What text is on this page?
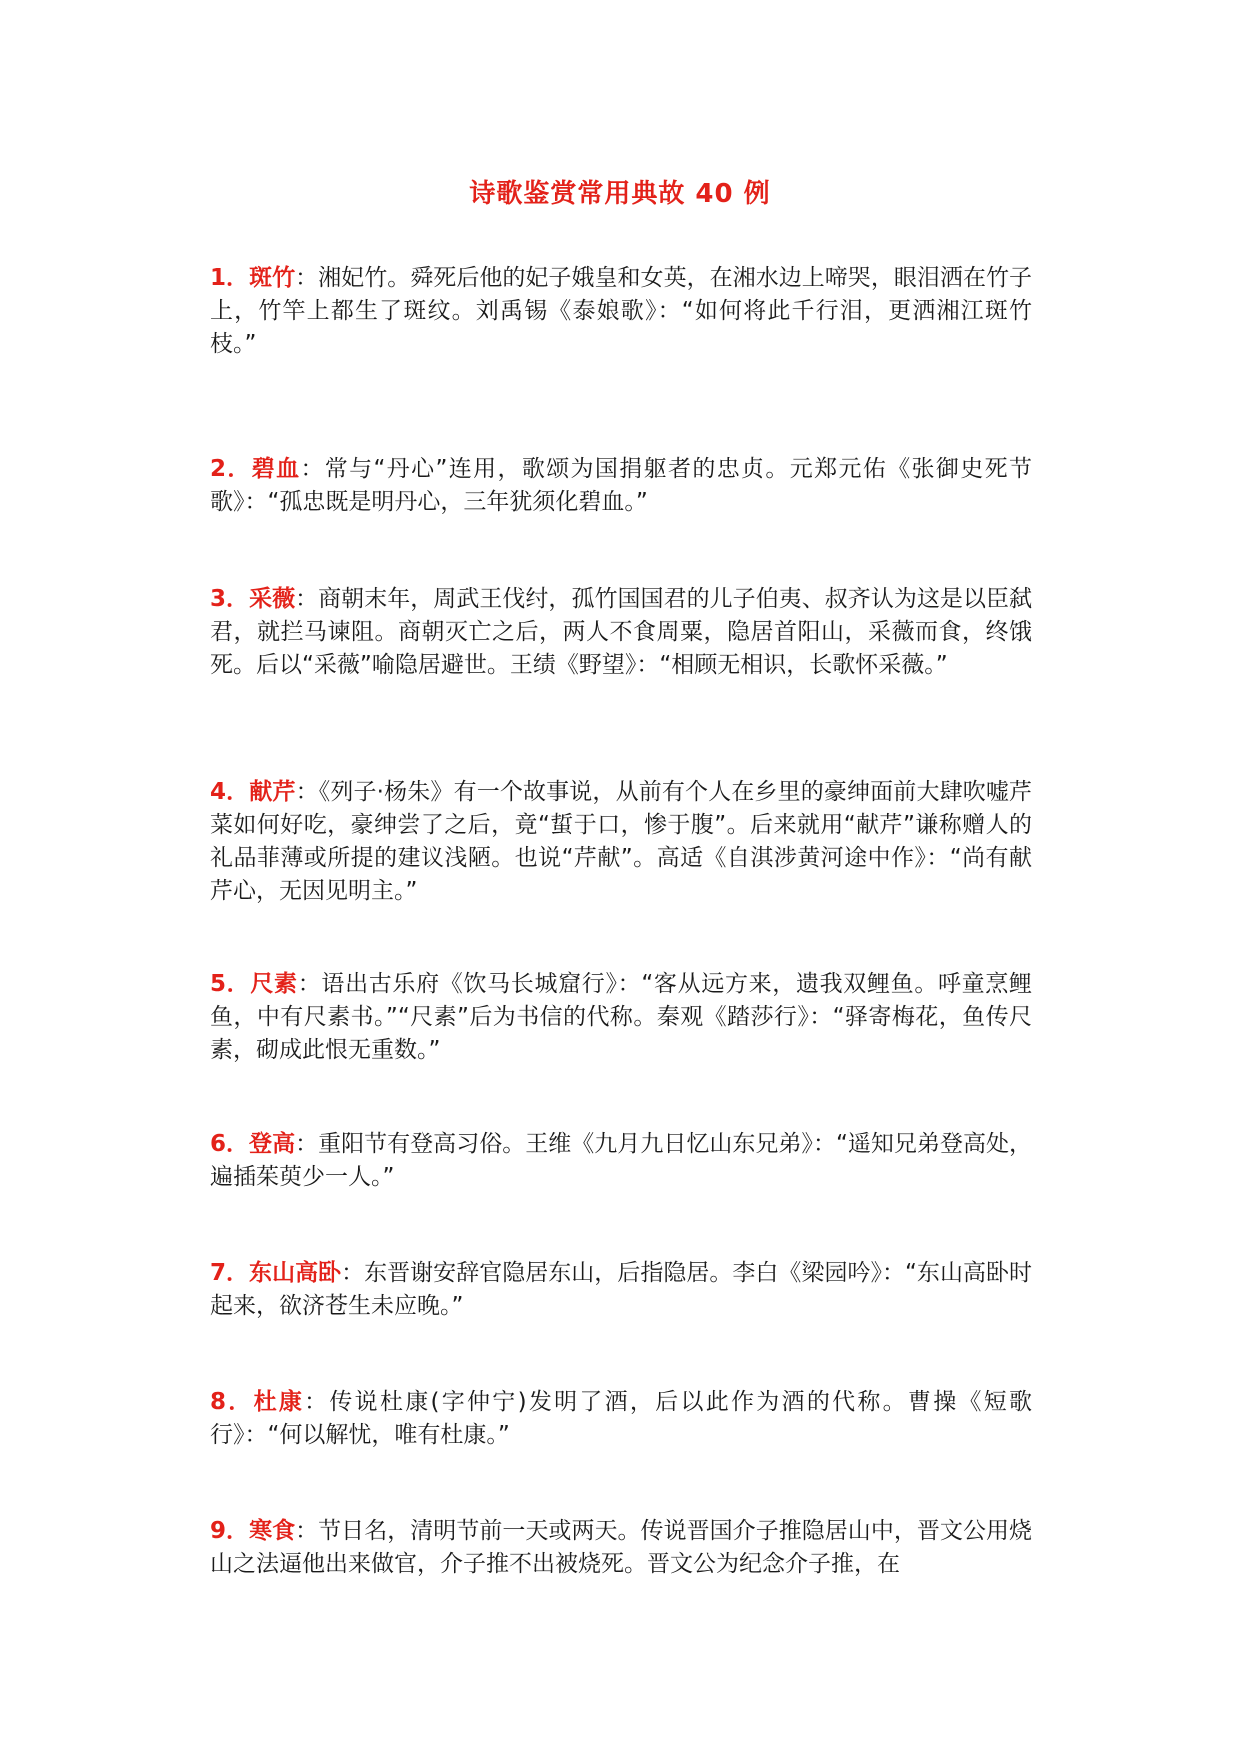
诗歌鉴赏常用典故 40 例

1．斑竹：湘妃竹。舜死后他的妃子娥皇和女英，在湘水边上啼哭，眼泪洒在竹子上，竹竿上都生了斑纹。刘禹锡《泰娘歌》：“如何将此千行泪，更洒湘江斑竹枝。”

2．碧血：常与“丹心”连用，歌颂为国捐躯者的忠贞。元郑元佑《张御史死节歌》：“孤忠既是明丹心，三年犹须化碧血。”

3．采薇：商朝末年，周武王伐纣，孤竹国国君的儿子伯夷、叔齐认为这是以臣弑君，就拦马谏阻。商朝灭亡之后，两人不食周粟，隐居首阳山，采薇而食，终饿死。后以“采薇”喻隐居避世。王绩《野望》：“相顾无相识，长歌怀采薇。”

4．献芹：《列子·杨朱》有一个故事说，从前有个人在乡里的豪绅面前大肆吹嘘芹菜如何好吃，豪绅尝了之后，竟“蜇于口，惨于腹”。后来就用“献芹”谦称赠人的礼品菲薄或所提的建议浅陋。也说“芹献”。高适《自淇涉黄河途中作》：“尚有献芹心，无因见明主。”

5．尺素：语出古乐府《饮马长城窟行》：“客从远方来，遗我双鲤鱼。呼童烹鲤鱼，中有尺素书。”“尺素”后为书信的代称。秦观《踏莎行》：“驿寄梅花，鱼传尺素，砌成此恨无重数。”

6．登高：重阳节有登高习俗。王维《九月九日忆山东兄弟》：“遥知兄弟登高处，遍插茱萸少一人。”

7．东山高卧：东晋谢安辞官隐居东山，后指隐居。李白《梁园吟》：“东山高卧时起来，欲济苍生未应晚。”

8．杜康：传说杜康(字仲宁)发明了酒，后以此作为酒的代称。曹操《短歌行》：“何以解忧，唯有杜康。”

9．寒食：节日名，清明节前一天或两天。传说晋国介子推隐居山中，晋文公用烧山之法逼他出来做官，介子推不出被烧死。晋文公为纪念介子推，在
